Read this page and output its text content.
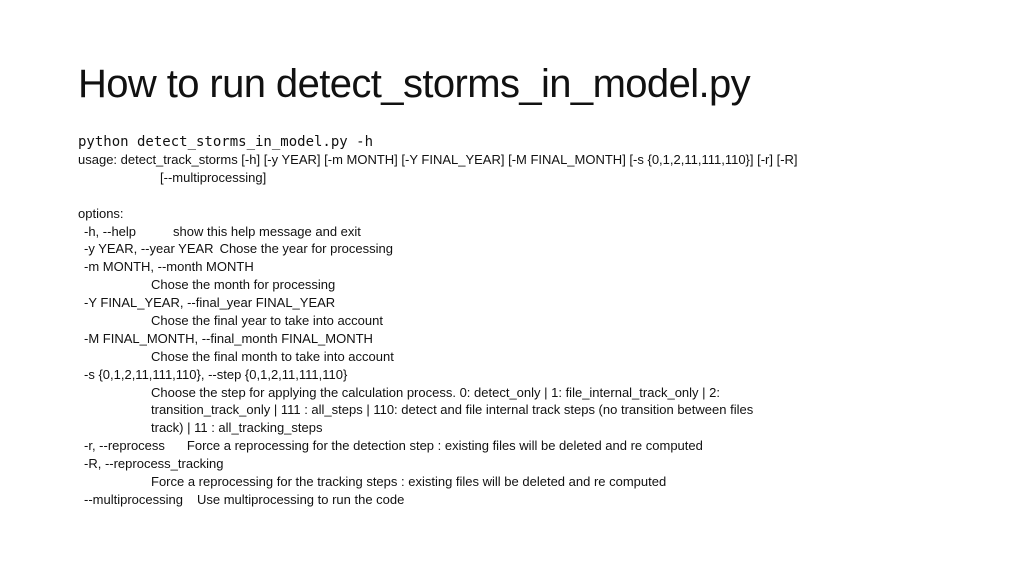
How to run detect_storms_in_model.py
python detect_storms_in_model.py -h
usage: detect_track_storms [-h] [-y YEAR] [-m MONTH] [-Y FINAL_YEAR] [-M FINAL_MONTH] [-s {0,1,2,11,111,110}] [-r] [-R]
[--multiprocessing]
options:
-h, --help	show this help message and exit
-y YEAR, --year YEAR Chose the year for processing
-m MONTH, --month MONTH
Chose the month for processing
-Y FINAL_YEAR, --final_year FINAL_YEAR
Chose the final year to take into account
-M FINAL_MONTH, --final_month FINAL_MONTH
Chose the final month to take into account
-s {0,1,2,11,111,110}, --step {0,1,2,11,111,110}
Choose the step for applying the calculation process. 0: detect_only | 1: file_internal_track_only | 2:
transition_track_only | 111 : all_steps | 110: detect and file internal track steps (no transition between files
track) | 11 : all_tracking_steps
-r, --reprocess Force a reprocessing for the detection step : existing files will be deleted and re computed
-R, --reprocess_tracking
Force a reprocessing for the tracking steps : existing files will be deleted and re computed
--multiprocessing Use multiprocessing to run the code
